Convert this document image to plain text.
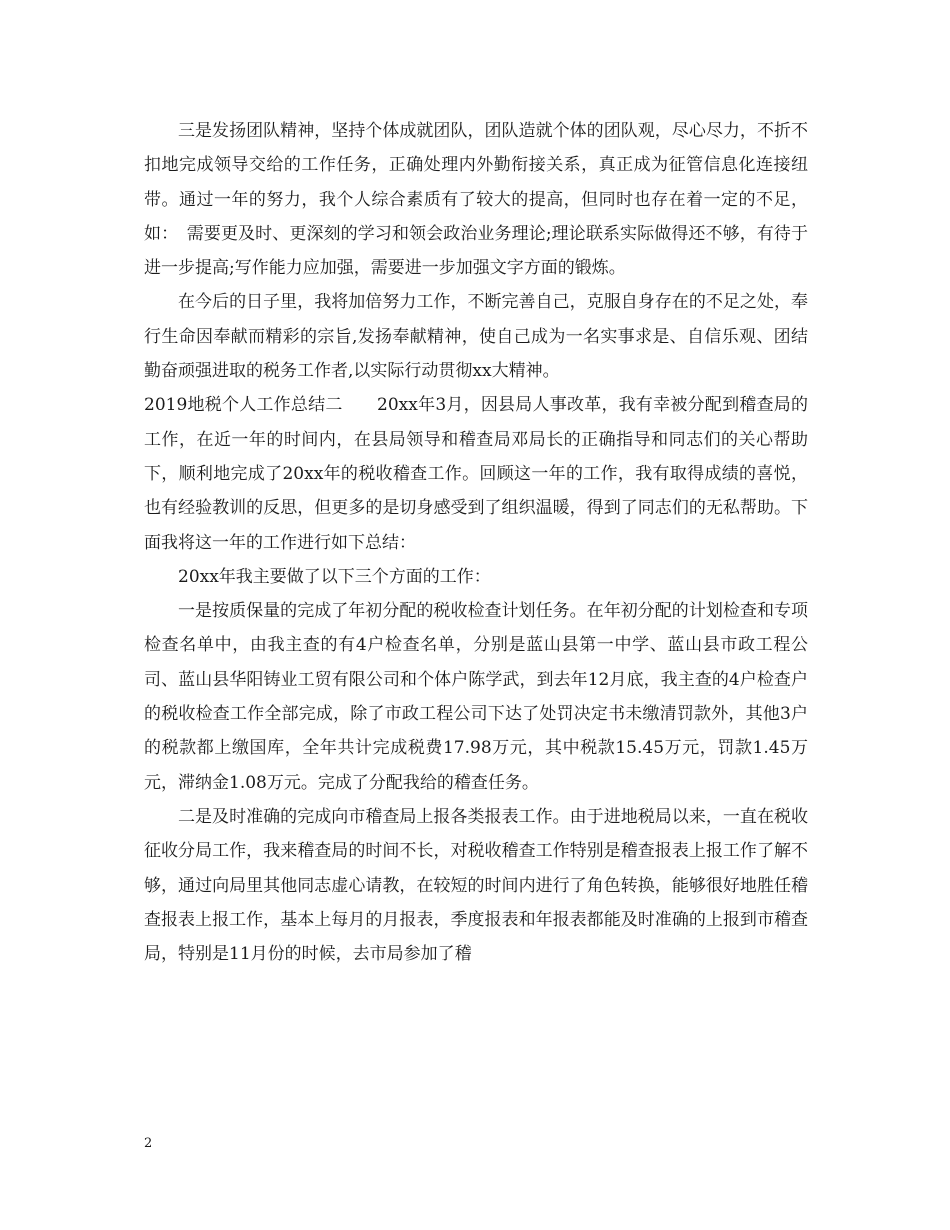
三是发扬团队精神，坚持个体成就团队，团队造就个体的团队观，尽心尽力，不折不扣地完成领导交给的工作任务，正确处理内外勤衔接关系，真正成为征管信息化连接纽带。通过一年的努力，我个人综合素质有了较大的提高，但同时也存在着一定的不足，如：　需要更及时、更深刻的学习和领会政治业务理论;理论联系实际做得还不够，有待于进一步提高;写作能力应加强，需要进一步加强文字方面的锻炼。

在今后的日子里，我将加倍努力工作，不断完善自己，克服自身存在的不足之处，奉行生命因奉献而精彩的宗旨,发扬奉献精神，使自己成为一名实事求是、自信乐观、团结勤奋顽强进取的税务工作者,以实际行动贯彻xx大精神。

2019地税个人工作总结二　　20xx年3月，因县局人事改革，我有幸被分配到稽查局的工作，在近一年的时间内，在县局领导和稽查局邓局长的正确指导和同志们的关心帮助下，顺利地完成了20xx年的税收稽查工作。回顾这一年的工作，我有取得成绩的喜悦，也有经验教训的反思，但更多的是切身感受到了组织温暖，得到了同志们的无私帮助。下面我将这一年的工作进行如下总结：

20xx年我主要做了以下三个方面的工作：

一是按质保量的完成了年初分配的税收检查计划任务。在年初分配的计划检查和专项检查名单中，由我主查的有4户检查名单，分别是蓝山县第一中学、蓝山县市政工程公司、蓝山县华阳铸业工贸有限公司和个体户陈学武，到去年12月底，我主查的4户检查户的税收检查工作全部完成，除了市政工程公司下达了处罚决定书未缴清罚款外，其他3户的税款都上缴国库，全年共计完成税费17.98万元，其中税款15.45万元，罚款1.45万元，滞纳金1.08万元。完成了分配我给的稽查任务。

二是及时准确的完成向市稽查局上报各类报表工作。由于进地税局以来，一直在税收征收分局工作，我来稽查局的时间不长，对税收稽查工作特别是稽查报表上报工作了解不够，通过向局里其他同志虚心请教，在较短的时间内进行了角色转换，能够很好地胜任稽查报表上报工作，基本上每月的月报表，季度报表和年报表都能及时准确的上报到市稽查局，特别是11月份的时候，去市局参加了稽

2
